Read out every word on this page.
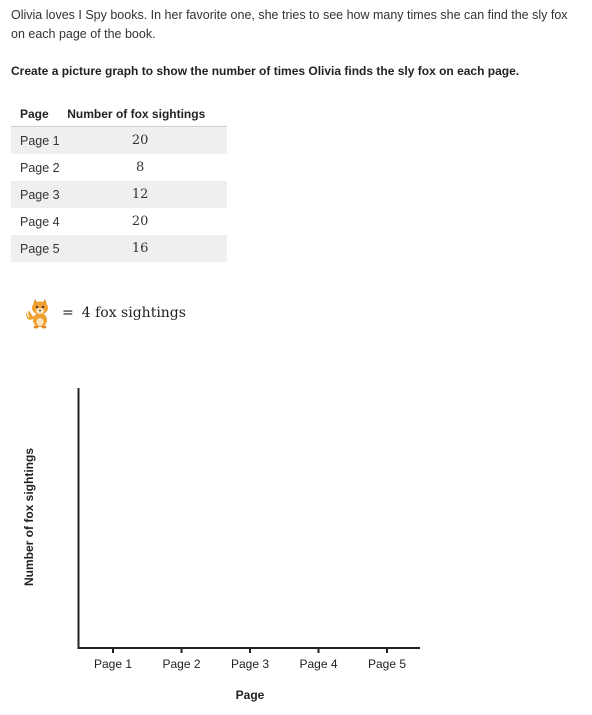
Olivia loves I Spy books. In her favorite one, she tries to see how many times she can find the sly fox on each page of the book.
Create a picture graph to show the number of times Olivia finds the sly fox on each page.
Page	Number of fox sightings
Page 1	20
Page 2	8
Page 3	12
Page 4	20
Page 5	16
= 4 fox sightings
Number of fox sightings
Page 1	Page 2	Page 3	Page 4	Page 5
Page
